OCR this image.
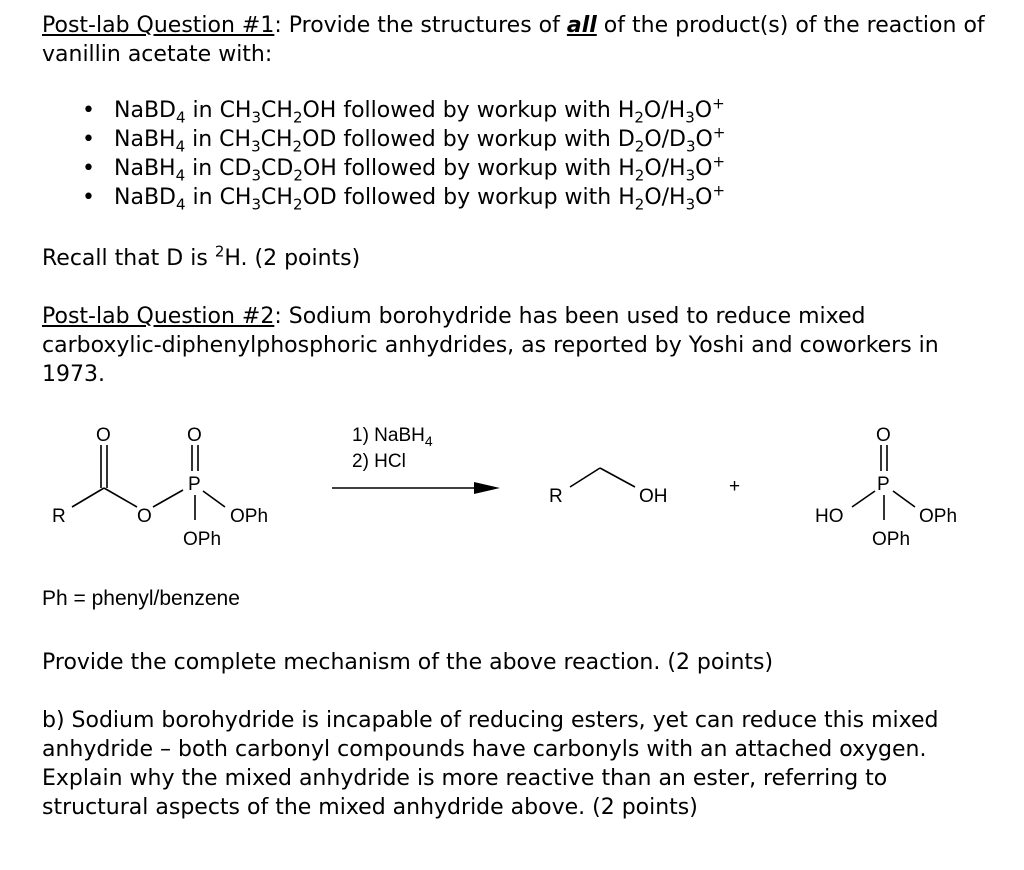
Post-lab Question #1: Provide the structures of all of the product(s) of the reaction of vanillin acetate with:
• NaBD$_4$ in $CH_3CH_2OH$ followed by workup with $H_2O/H_3O^+$
• NaBH$_4$ in $CH_3CH_2OD$ followed by workup with $D_2O/D_3O^+$
• NaBH$_4$ in $CD_3CD_2OH$ followed by workup with $H_2O/H_3O^+$
• NaBD$_4$ in $CH_3CH_2OD$ followed by workup with $H_2O/H_3O^+$
Recall that D is $^2$H. (2 points)
Post-lab Question #2: Sodium borohydride has been used to reduce mixed carboxylic-diphenylphosphoric anhydrides, as reported by Yoshi and coworkers in 1973.
R
O
O
O
P
OPh
OPh
1) NaBH$_4$
2) HCl
R	OH	+
HO
O
P
OPh
OPh
Ph = phenyl/benzene
Provide the complete mechanism of the above reaction. (2 points)
b) Sodium borohydride is incapable of reducing esters, yet can reduce this mixed anhydride – both carbonyl compounds have carbonyls with an attached oxygen. Explain why the mixed anhydride is more reactive than an ester, referring to structural aspects of the mixed anhydride above. (2 points)
